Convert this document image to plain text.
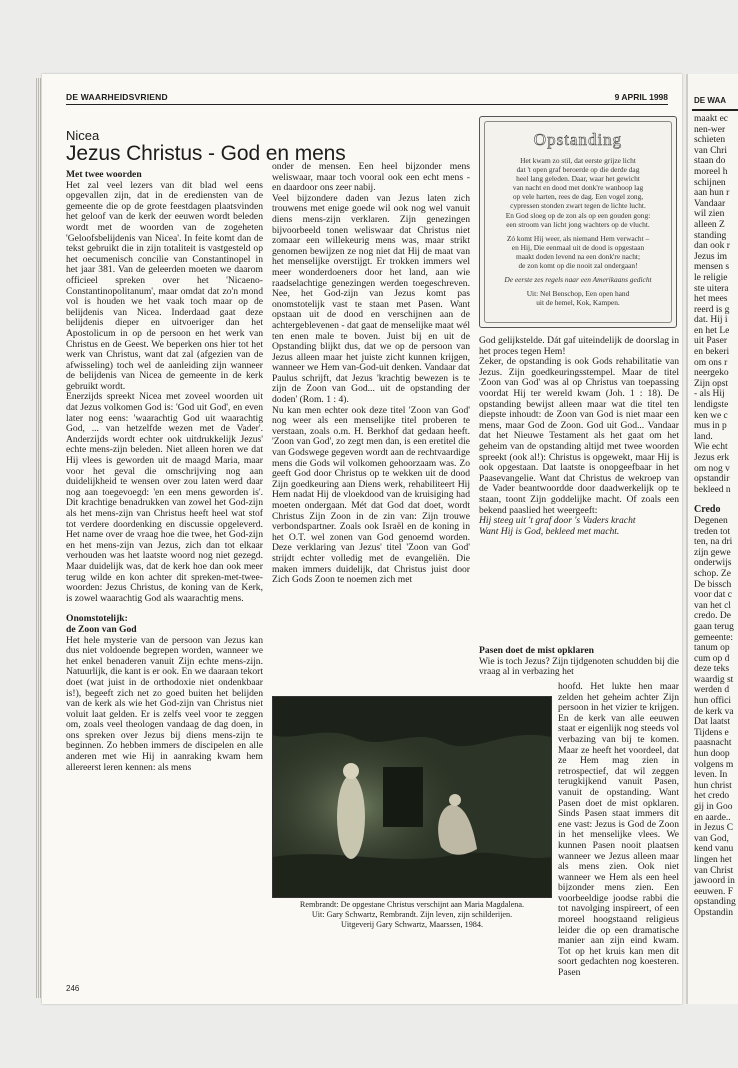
DE WAARHEIDSVRIEND	9 APRIL 1998
Nicea
Jezus Christus - God en mens

Met twee woorden

Het zal veel lezers van dit blad wel eens opgevallen zijn, dat in de erediensten van de gemeente die op de grote feestdagen plaatsvinden het geloof van de kerk der eeuwen wordt beleden wordt met de woorden van de zogeheten 'Geloofsbelijdenis van Nicea'. In feite komt dan de tekst gebruikt die in zijn totaliteit is vastgesteld op het oecumenisch concilie van Constantinopel in het jaar 381. Van de geleerden moeten we daarom officieel spreken over het 'Nicaeno-Constantinopolitanum', maar omdat dat zo'n mond vol is houden we het vaak toch maar op de belijdenis van Nicea. Inderdaad gaat deze belijdenis dieper en uitvoeriger dan het Apostolicum in op de persoon en het werk van Christus en de Geest. We beperken ons hier tot het werk van Christus, want dat zal (afgezien van de afwisseling) toch wel de aanleiding zijn wanneer de belijdenis van Nicea de gemeente in de kerk gebruikt wordt.

Enerzijds spreekt Nicea met zoveel woorden uit dat Jezus volkomen God is: 'God uit God', en even later nog eens: 'waarachtig God uit waarachtig God, ... van hetzelfde wezen met de Vader'. Anderzijds wordt echter ook uitdrukkelijk Jezus' echte mens-zijn beleden. Niet alleen horen we dat Hij vlees is geworden uit de maagd Maria, maar voor het geval die omschrijving nog aan duidelijkheid te wensen over zou laten werd daar nog aan toegevoegd: 'en een mens geworden is'. Dit krachtige benadrukken van zowel het God-zijn als het mens-zijn van Christus heeft heel wat stof tot verdere doordenking en discussie opgeleverd. Het name over de vraag hoe die twee, het God-zijn en het mens-zijn van Jezus, zich dan tot elkaar verhouden was het laatste woord nog niet gezegd. Maar duidelijk was, dat de kerk hoe dan ook meer terug wilde en kon achter dit spreken-met-twee-woorden: Jezus Christus, de koning van de Kerk, is zowel waarachtig God als waarachtig mens.

Onomstotelijk:

de Zoon van God

Het hele mysterie van de persoon van Jezus kan dus niet voldoende begrepen worden, wanneer we het enkel benaderen vanuit Zijn echte mens-zijn. Natuurlijk, die kant is er ook. En we daaraan tekort doet (wat juist in de orthodoxie niet ondenkbaar is!), begeeft zich net zo goed buiten het belijden van de kerk als wie het God-zijn van Christus niet voluit laat gelden. Er is zelfs veel voor te zeggen om, zoals veel theologen vandaag de dag doen, in ons spreken over Jezus bij diens mens-zijn te beginnen. Zo hebben immers de discipelen en alle anderen met wie Hij in aanraking kwam hem allereerst leren kennen: als mens

onder de mensen. Een heel bijzonder mens weliswaar, maar toch vooral ook een echt mens - en daardoor ons zeer nabij.

Veel bijzondere daden van Jezus laten zich trouwens met enige goede wil ook nog wel vanuit diens mens-zijn verklaren. Zijn genezingen bijvoorbeeld tonen weliswaar dat Christus niet zomaar een willekeurig mens was, maar strikt genomen bewijzen ze nog niet dat Hij de maat van het menselijke overstijgt. Er trokken immers wel meer wonderdoeners door het land, aan wie raadselachtige genezingen werden toegeschreven. Nee, het God-zijn van Jezus komt pas onomstotelijk vast te staan met Pasen. Want opstaan uit de dood en verschijnen aan de achtergeblevenen - dat gaat de menselijke maat wél ten enen male te boven. Juist bij en uit de Opstanding blijkt dus, dat we op de persoon van Jezus alleen maar het juiste zicht kunnen krijgen, wanneer we Hem van-God-uit denken. Vandaar dat Paulus schrijft, dat Jezus 'krachtig bewezen is te zijn de Zoon van God... uit de opstanding der doden' (Rom. 1 : 4).

Nu kan men echter ook deze titel 'Zoon van God' nog weer als een menselijke titel proberen te verstaan, zoals o.m. H. Berkhof dat gedaan heeft. 'Zoon van God', zo zegt men dan, is een eretitel die van Godswege gegeven wordt aan de rechtvaardige mens die Gods wil volkomen gehoorzaam was. Zo geeft God door Christus op te wekken uit de dood Zijn goedkeuring aan Diens werk, rehabiliteert Hij Hem nadat Hij de vloekdood van de kruisiging had moeten ondergaan. Mét dat God dat doet, wordt Christus Zijn Zoon in de zin van: Zijn trouwe verbondspartner. Zoals ook Israël en de koning in het O.T. wel zonen van God genoemd worden. Deze verklaring van Jezus' titel 'Zoon van God' strijdt echter volledig met de evangeliën. Die maken immers duidelijk, dat Christus juist door Zich Gods Zoon te noemen zich met

Opstanding
Het kwam zo stil, dat eerste grijze licht
dat 't open graf beroerde op die derde dag
heel lang geleden. Daar, waar het gewicht
van nacht en dood met donk're wanhoop lag
op vele harten, rees de dag. Een vogel zong,
cypressen stonden zwart tegen de lichte lucht.
En God sloeg op de zon als op een gouden gong:
een stroom van licht jong wachters op de vlucht.
Zó komt Hij weer, als niemand Hem verwacht –
en Hij, Die eenmaal uit de dood is opgestaan
maakt doden levend na een donk're nacht;
de zon komt op die nooit zal ondergaan!
De eerste zes regels naar een Amerikaans gedicht
Uit: Nel Benschop, Een open hand
uit de hemel, Kok, Kampen.

God gelijkstelde. Dát gaf uiteindelijk de doorslag in het proces tegen Hem!

Zeker, de opstanding is ook Gods rehabilitatie van Jezus. Zijn goedkeuringsstempel. Maar de titel 'Zoon van God' was al op Christus van toepassing voordat Hij ter wereld kwam (Joh. 1 : 18). De opstanding bewijst alleen maar wat die titel ten diepste inhoudt: de Zoon van God is niet maar een mens, maar God de Zoon. God uit God... Vandaar dat het Nieuwe Testament als het gaat om het geheim van de opstanding altijd met twee woorden spreekt (ook al!): Christus is opgewekt, maar Hij is ook opgestaan. Dat laatste is onopgeefbaar in het Paasevangelie. Want dat Christus de wekroep van de Vader beantwoordde door daadwerkelijk op te staan, toont Zijn goddelijke macht. Of zoals een bekend paaslied het weergeeft:

Hij steeg uit 't graf door 's Vaders kracht

Want Hij is God, bekleed met macht.

Pasen doet de mist opklaren

Wie is toch Jezus? Zijn tijdgenoten schudden bij die vraag al in verbazing het

hoofd. Het lukte hen maar zelden het geheim achter Zijn persoon in het vizier te krijgen. En de kerk van alle eeuwen staat er eigenlijk nog steeds vol verbazing van bij te komen. Maar ze heeft het voordeel, dat ze Hem mag zien in retrospectief, dat wil zeggen terugkijkend vanuit Pasen, vanuit de opstanding. Want Pasen doet de mist opklaren. Sinds Pasen staat immers dit ene vast: Jezus is God de Zoon in het menselijke vlees. We kunnen Pasen nooit plaatsen wanneer we Jezus alleen maar als mens zien. Ook niet wanneer we Hem als een heel bijzonder mens zien. Een voorbeeldige joodse rabbi die tot navolging inspireert, of een moreel hoogstaand religieus leider die op een dramatische manier aan zijn eind kwam. Tot op het kruis kan men dit soort gedachten nog koesteren. Pasen

Rembrandt: De opgestane Christus verschijnt aan Maria Magdalena.
Uit: Gary Schwartz, Rembrandt. Zijn leven, zijn schilderijen.
Uitgeverij Gary Schwartz, Maarssen, 1984.
246
DE WAA
maakt ec
nen-wer
schieten
van Chri
staan do
moreel h
schijnen
aan hun r
Vandaar
wil zien
alleen Z
standing
dan ook r
Jezus im
mensen s
le religie
ste uitera
het mees
reerd is g
dat. Hij i
en het Le
uit Paser
en bekeri
om ons r
neergeko
Zijn opst
- als Hij
lendigste
ken we c
mus in p
land.
Wie echt
Jezus erk
om nog v
opstandir
bekleed n
Credo
Degenen
treden tot
ten, na dri
zijn gewe
onderwijs
schop. Ze
De bissch
voor dat c
van het cl
credo. De
gaan terug
gemeente:
tanum op
cum op d
deze teks
waardig st
werden d
hun offici
de kerk va
Dat laatst
Tijdens e
paasnacht
hun doop
volgens m
leven. In
hun christ
het credo
gij in Goo
en aarde..
in Jezus C
van God,
kend vanu
lingen het
van Christ
jawoord in
eeuwen. F
opstanding
Opstandin
